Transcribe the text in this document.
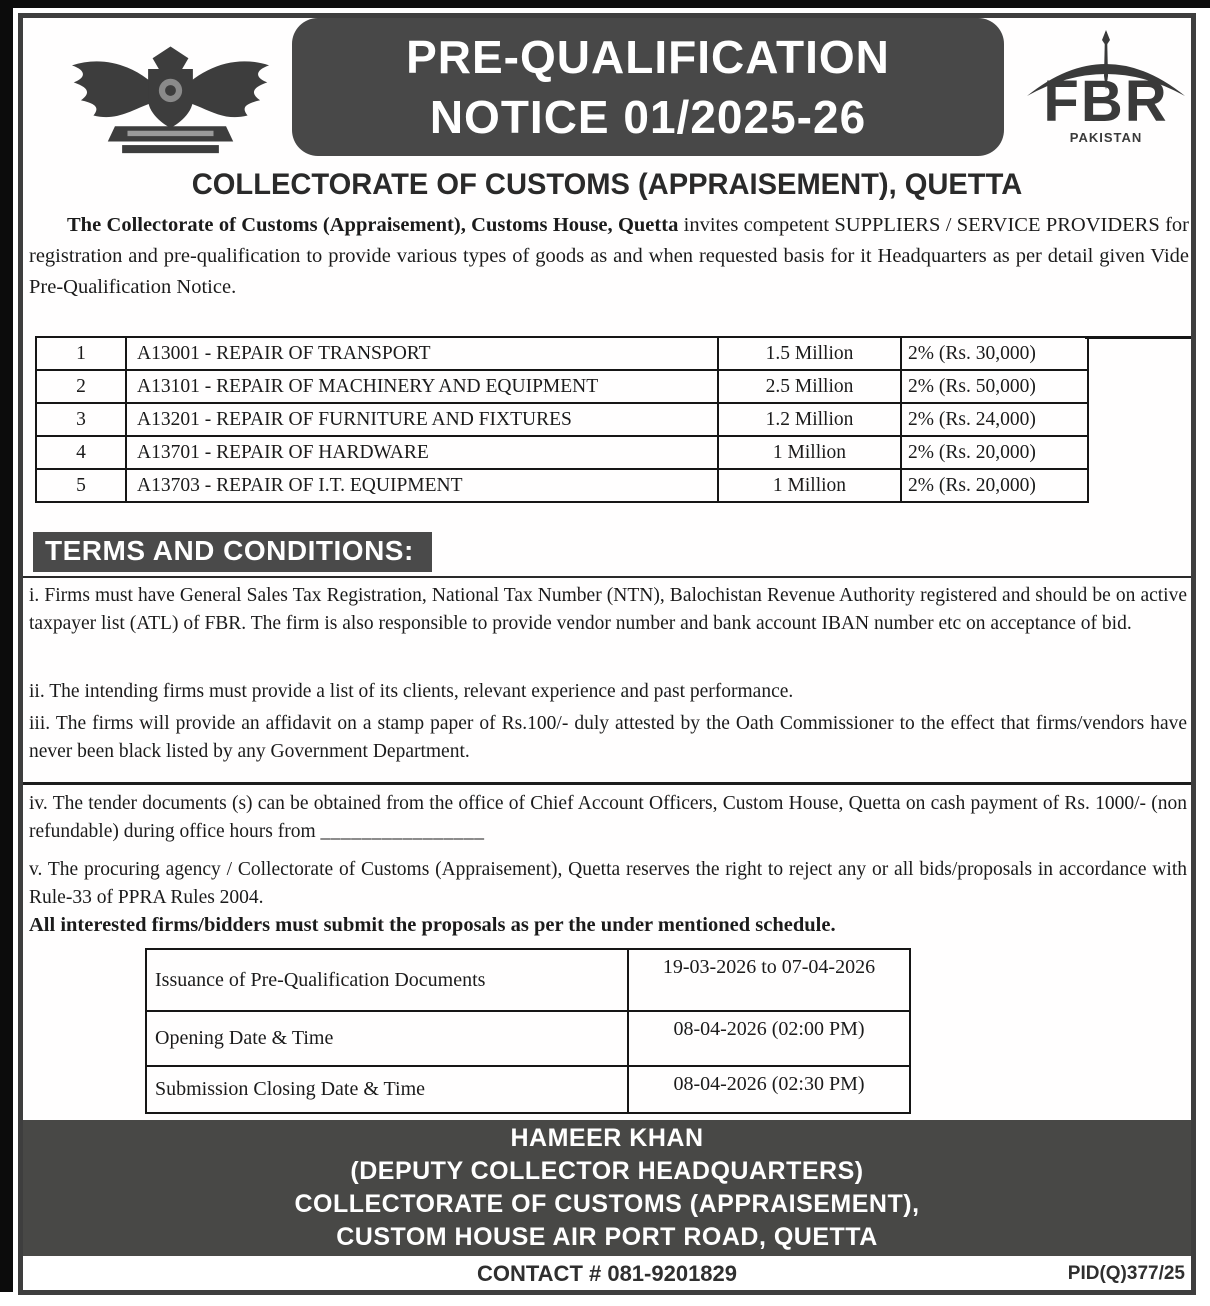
PRE-QUALIFICATION
NOTICE 01/2025-26	FBR
PAKISTAN
COLLECTORATE OF CUSTOMS (APPRAISEMENT), QUETTA

The Collectorate of Customs (Appraisement), Customs House, Quetta invites competent SUPPLIERS / SERVICE PROVIDERS for registration and pre-qualification to provide various types of goods as and when requested basis for it Headquarters as per detail given Vide Pre-Qualification Notice.

1	A13001 - REPAIR OF TRANSPORT	1.5 Million	2% (Rs. 30,000)
2	A13101 - REPAIR OF MACHINERY AND EQUIPMENT	2.5 Million	2% (Rs. 50,000)
3	A13201 - REPAIR OF FURNITURE AND FIXTURES	1.2 Million	2% (Rs. 24,000)
4	A13701 - REPAIR OF HARDWARE	1 Million	2% (Rs. 20,000)
5	A13703 - REPAIR OF I.T. EQUIPMENT	1 Million	2% (Rs. 20,000)
TERMS AND CONDITIONS:

i. Firms must have General Sales Tax Registration, National Tax Number (NTN), Balochistan Revenue Authority registered and should be on active taxpayer list (ATL) of FBR. The firm is also responsible to provide vendor number and bank account IBAN number etc on acceptance of bid.

ii. The intending firms must provide a list of its clients, relevant experience and past performance.

iii. The firms will provide an affidavit on a stamp paper of Rs.100/- duly attested by the Oath Commissioner to the effect that firms/vendors have never been black listed by any Government Department.

iv. The tender documents (s) can be obtained from the office of Chief Account Officers, Custom House, Quetta on cash payment of Rs. 1000/- (non refundable) during office hours from ________________

v. The procuring agency / Collectorate of Customs (Appraisement), Quetta reserves the right to reject any or all bids/proposals in accordance with Rule-33 of PPRA Rules 2004.

All interested firms/bidders must submit the proposals as per the under mentioned schedule.

Issuance of Pre-Qualification Documents	19-03-2026 to 07-04-2026
Opening Date & Time	08-04-2026 (02:00 PM)
Submission Closing Date & Time	08-04-2026 (02:30 PM)
HAMEER KHAN
(DEPUTY COLLECTOR HEADQUARTERS)
COLLECTORATE OF CUSTOMS (APPRAISEMENT),
CUSTOM HOUSE AIR PORT ROAD, QUETTA
CONTACT # 081-9201829	PID(Q)377/25
